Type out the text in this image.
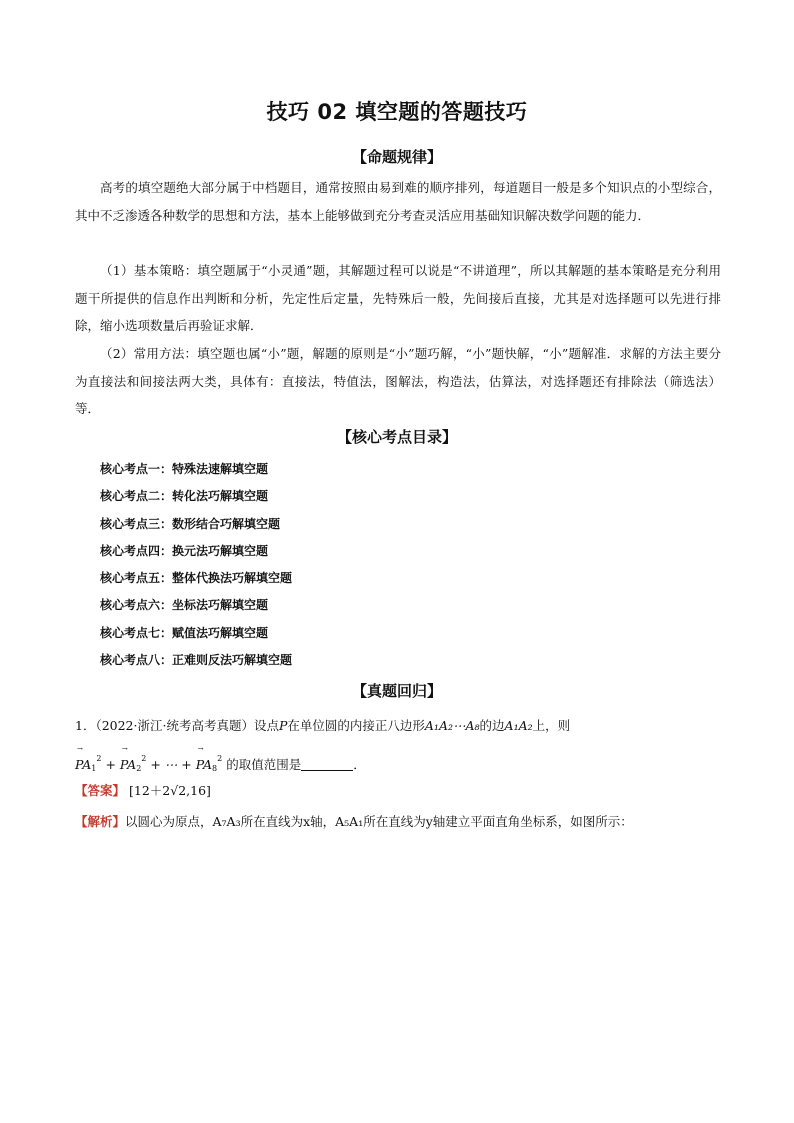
技巧 02 填空题的答题技巧
【命题规律】
高考的填空题绝大部分属于中档题目，通常按照由易到难的顺序排列，每道题目一般是多个知识点的小型综合，其中不乏渗透各种数学的思想和方法，基本上能够做到充分考查灵活应用基础知识解决数学问题的能力．
（1）基本策略：填空题属于“小灵通”题，其解题过程可以说是“不讲道理”，所以其解题的基本策略是充分利用题干所提供的信息作出判断和分析，先定性后定量，先特殊后一般，先间接后直接，尤其是对选择题可以先进行排除，缩小选项数量后再验证求解．
（2）常用方法：填空题也属“小”题，解题的原则是“小”题巧解，“小”题快解，“小”题解准．求解的方法主要分为直接法和间接法两大类，具体有：直接法，特值法，图解法，构造法，估算法，对选择题还有排除法（筛选法）等．
【核心考点目录】
核心考点一：特殊法速解填空题
核心考点二：转化法巧解填空题
核心考点三：数形结合巧解填空题
核心考点四：换元法巧解填空题
核心考点五：整体代换法巧解填空题
核心考点六：坐标法巧解填空题
核心考点七：赋值法巧解填空题
核心考点八：正难则反法巧解填空题
【真题回归】
1．（2022·浙江·统考高考真题）设点P在单位圆的内接正八边形A₁A₂⋯A₈的边A₁A₂上，则
$PA_1$
→
$^2 + PA_2$
→
$^2$ + ⋯ + $PA_8$
→
$^2$ 的取值范围是	．
【答案】 [12＋2√2,16]
【解析】以圆心为原点，A₇A₃所在直线为x轴，A₅A₁所在直线为y轴建立平面直角坐标系，如图所示：
